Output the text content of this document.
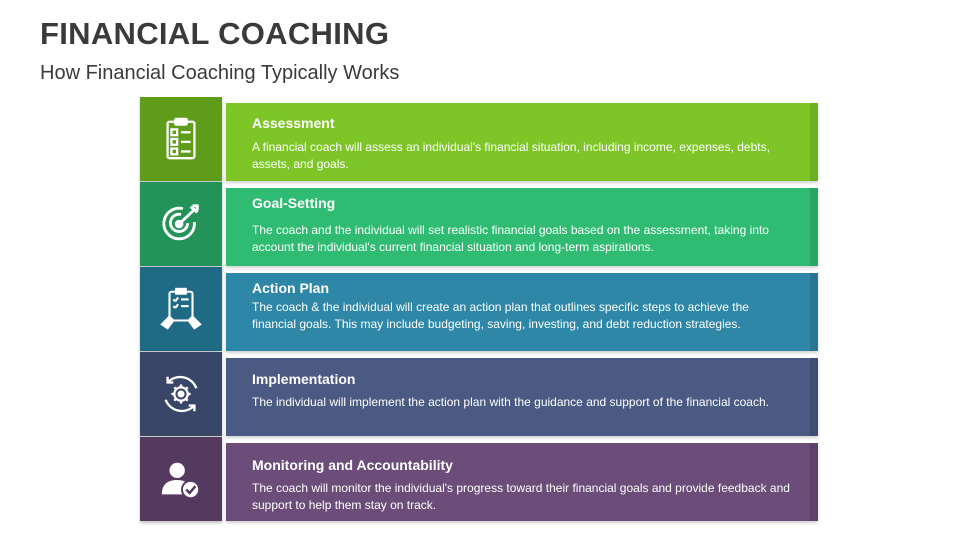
FINANCIAL COACHING
How Financial Coaching Typically Works
Assessment
A financial coach will assess an individual's financial situation, including income, expenses, debts, assets, and goals.
Goal-Setting
The coach and the individual will set realistic financial goals based on the assessment, taking into account the individual's current financial situation and long-term aspirations.
Action Plan
The coach & the individual will create an action plan that outlines specific steps to achieve the financial goals. This may include budgeting, saving, investing, and debt reduction strategies.
Implementation
The individual will implement the action plan with the guidance and support of the financial coach.
Monitoring and Accountability
The coach will monitor the individual's progress toward their financial goals and provide feedback and support to help them stay on track.
